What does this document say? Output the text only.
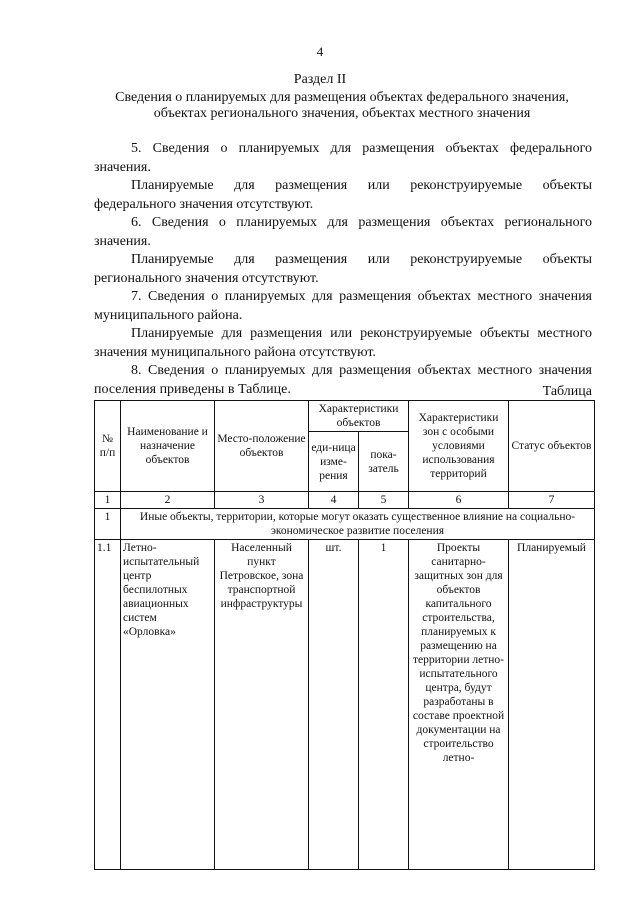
4
Раздел II
Сведения о планируемых для размещения объектах федерального значения, объектах регионального значения, объектах местного значения

5. Сведения о планируемых для размещения объектах федерального значения.

Планируемые для размещения или реконструируемые объекты федерального значения отсутствуют.

6. Сведения о планируемых для размещения объектах регионального значения.

Планируемые для размещения или реконструируемые объекты регионального значения отсутствуют.

7. Сведения о планируемых для размещения объектах местного значения муниципального района.

Планируемые для размещения или реконструируемые объекты местного значения муниципального района отсутствуют.

8. Сведения о планируемых для размещения объектах местного значения поселения приведены в Таблице.	Таблица
№ п/п	Наименование и назначение объектов	Место-положение объектов	Характеристики объектов		Характеристики зон с особыми условиями использования территорий	Статус объектов
			еди-ница изме-рения	пока-затель		
1	2	3	4	5	6	7
1	Иные объекты, территории, которые могут оказать существенное влияние на социально-экономическое развитие поселения					
1.1	Летно-испытательный центр беспилотных авиационных систем «Орловка»	Населенный пункт Петровское, зона транспортной инфраструктуры	шт.	1	Проекты санитарно-защитных зон для объектов капитального строительства, планируемых к размещению на территории летно-испытательного центра, будут разработаны в составе проектной документации на строительство летно-	Планируемый
